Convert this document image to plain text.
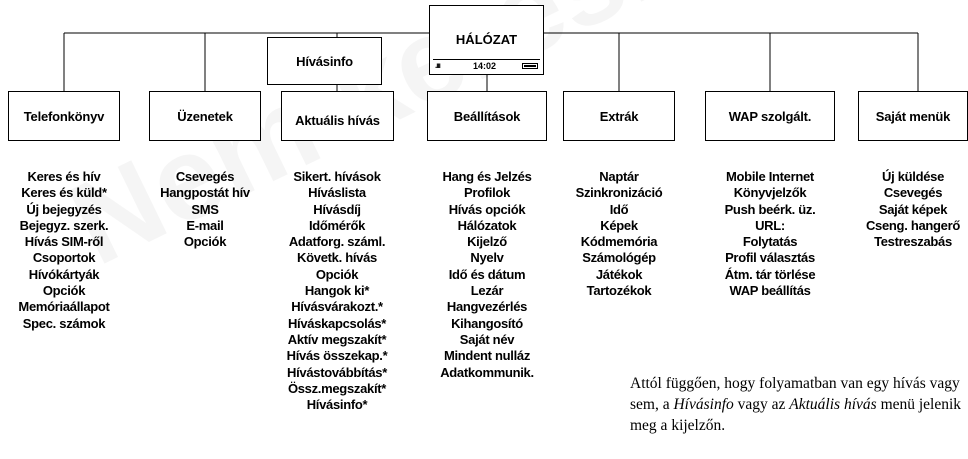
HÁLÓZAT
.ııı	14:02
Telefonkönyv	Üzenetek	Aktuális hívás
Hívásinfo
Beállítások	Extrák	WAP szolgált.	Saját menük
Keres és hív
Keres és küld*
Új bejegyzés
Bejegyz. szerk.
Hívás SIM-ről
Csoportok
Hívókártyák
Opciók
Memóriaállapot
Spec. számok
Csevegés
Hangpostát hív
SMS
E-mail
Opciók
Sikert. hívások
Híváslista
Hívásdíj
Időmérők
Adatforg. száml.
Követk. hívás
Opciók
Hangok ki*
Hívásvárakozt.*
Híváskapcsolás*
Aktív megszakít*
Hívás összekap.*
Hívástovábbítás*
Össz.megszakít*
Hívásinfo*
Hang és Jelzés
Profilok
Hívás opciók
Hálózatok
Kijelző
Nyelv
Idő és dátum
Lezár
Hangvezérlés
Kihangosító
Saját név
Mindent nulláz
Adatkommunik.
Naptár
Szinkronizáció
Idő
Képek
Kódmemória
Számológép
Játékok
Tartozékok
Mobile Internet
Könyvjelzők
Push beérk. üz.
URL:
Folytatás
Profil választás
Átm. tár törlése
WAP beállítás
Új küldése
Csevegés
Saját képek
Cseng. hangerő
Testreszabás
Attól függően, hogy folyamatban van egy hívás vagy sem, a Hívásinfo vagy az Aktuális hívás menü jelenik meg a kijelzőn.
